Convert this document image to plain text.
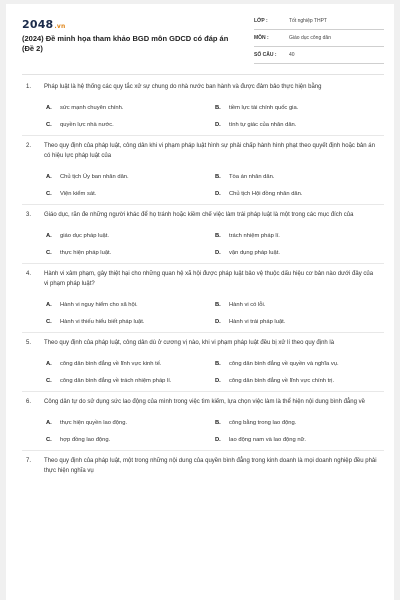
2048.vn
(2024) Đề minh họa tham khảo BGD môn GDCD có đáp án (Đề 2)
LỚP :	Tốt nghiệp THPT
MÔN :	Giáo dục công dân
SỐ CÂU :	40
1. Pháp luật là hệ thống các quy tắc xử sự chung do nhà nước ban hành và được đảm bảo thực hiện bằng
A. sức mạnh chuyên chính.	B. tiềm lực tài chính quốc gia.
C. quyền lực nhà nước.	D. tính tự giác của nhân dân.
2. Theo quy định của pháp luật, công dân khi vi phạm pháp luật hình sự phải chấp hành hình phạt theo quyết định hoặc bản án có hiệu lực pháp luật của
A. Chủ tịch Ủy ban nhân dân.	B. Tòa án nhân dân.
C. Viện kiểm sát.	D. Chủ tịch Hội đồng nhân dân.
3. Giáo dục, răn đe những người khác để họ tránh hoặc kiềm chế việc làm trái pháp luật là một trong các mục đích của
A. giáo dục pháp luật.	B. trách nhiệm pháp lí.
C. thực hiện pháp luật.	D. vận dụng pháp luật.
4. Hành vi xâm phạm, gây thiệt hại cho những quan hệ xã hội được pháp luật bảo vệ thuộc dấu hiệu cơ bản nào dưới đây của vi phạm pháp luật?
A. Hành vi nguy hiểm cho xã hội.	B. Hành vi có lỗi.
C. Hành vi thiếu hiểu biết pháp luật.	D. Hành vi trái pháp luật.
5. Theo quy định của pháp luật, công dân dù ở cương vị nào, khi vi phạm pháp luật đều bị xử lí theo quy định là
A. công dân bình đẳng về lĩnh vực kinh tế.	B. công dân bình đẳng về quyền và nghĩa vụ.
C. công dân bình đẳng về trách nhiệm pháp lí.	D. công dân bình đẳng về lĩnh vực chính trị.
6. Công dân tự do sử dụng sức lao động của mình trong việc tìm kiếm, lựa chọn việc làm là thể hiện nội dung bình đẳng về
A. thực hiện quyền lao động.	B. công bằng trong lao động.
C. hợp đồng lao động.	D. lao động nam và lao động nữ.
7. Theo quy định của pháp luật, một trong những nội dung của quyền bình đẳng trong kinh doanh là mọi doanh nghiệp đều phải thực hiện nghĩa vụ
